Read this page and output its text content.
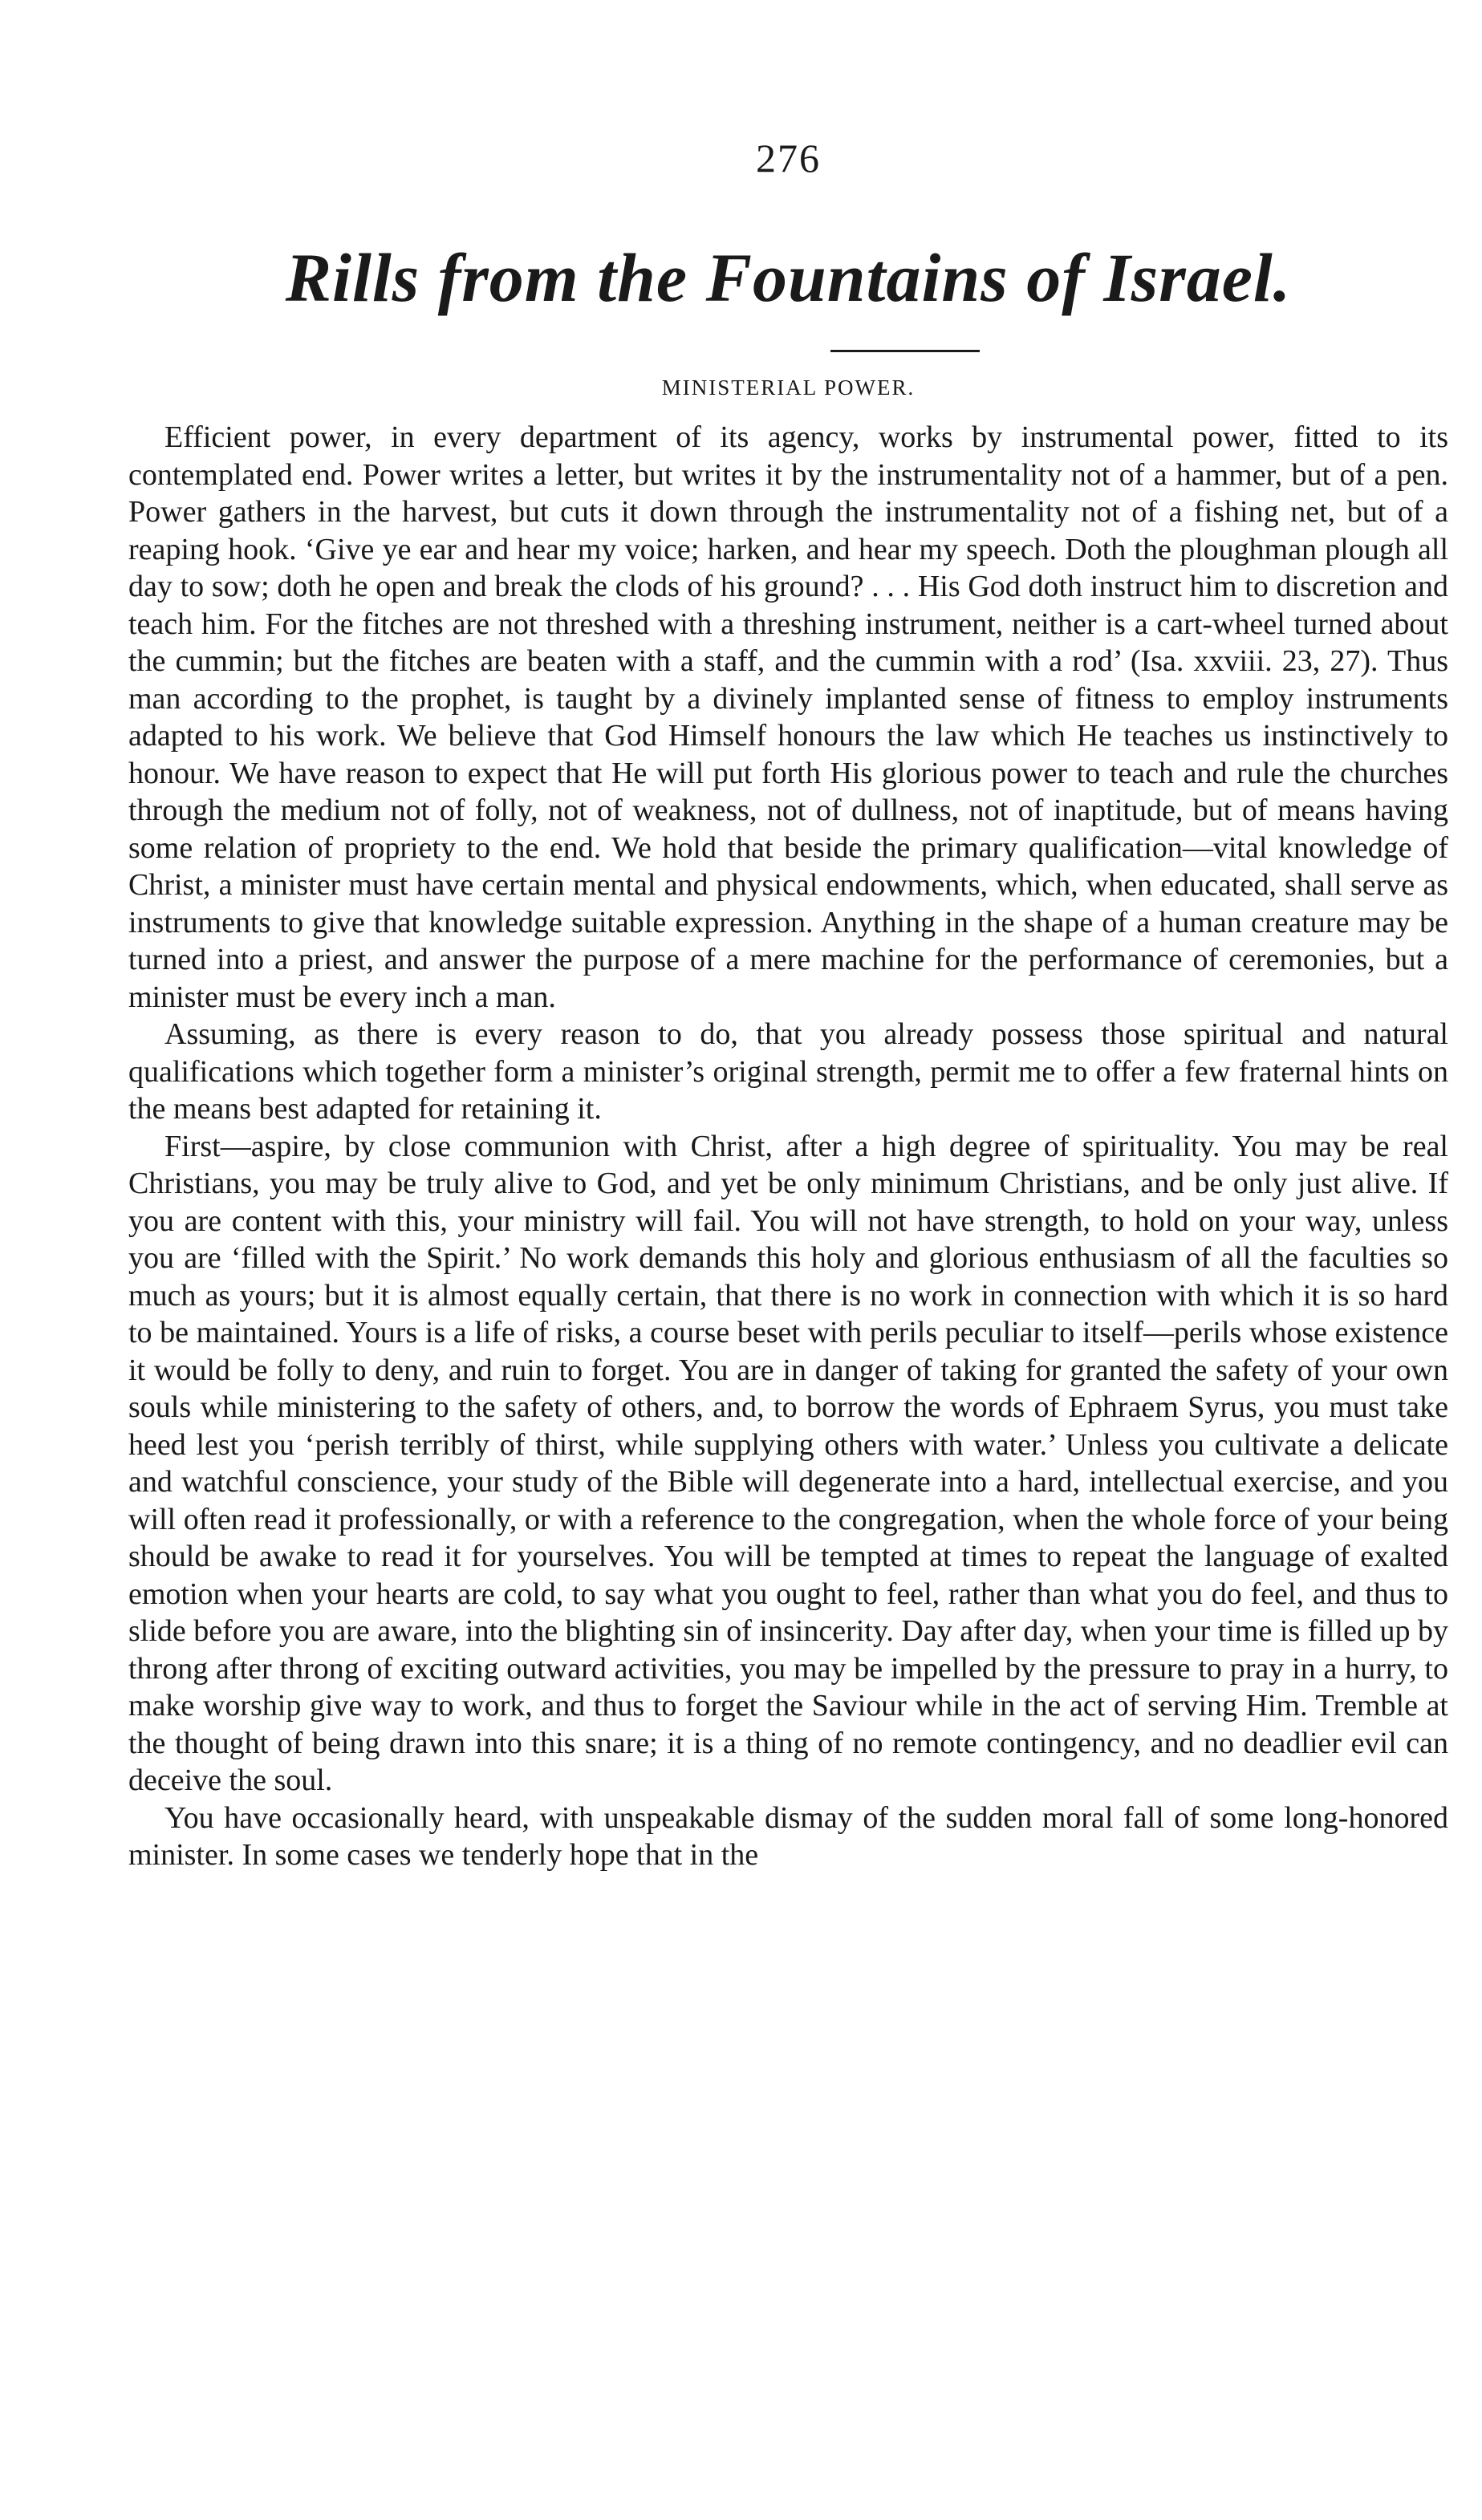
276
Rills from the Fountains of Israel.
MINISTERIAL POWER.

Efficient power, in every department of its agency, works by instrumental power, fitted to its contemplated end. Power writes a letter, but writes it by the instrumentality not of a hammer, but of a pen. Power gathers in the harvest, but cuts it down through the instrumentality not of a fishing net, but of a reaping hook. ‘Give ye ear and hear my voice; harken, and hear my speech. Doth the ploughman plough all day to sow; doth he open and break the clods of his ground? . . . His God doth instruct him to discretion and teach him. For the fitches are not threshed with a threshing instrument, neither is a cart-wheel turned about the cummin; but the fitches are beaten with a staff, and the cummin with a rod’ (Isa. xxviii. 23, 27). Thus man according to the prophet, is taught by a divinely implanted sense of fitness to employ instruments adapted to his work. We believe that God Himself honours the law which He teaches us instinctively to honour. We have reason to expect that He will put forth His glorious power to teach and rule the churches through the medium not of folly, not of weakness, not of dullness, not of inaptitude, but of means having some relation of propriety to the end. We hold that beside the primary qualification—vital knowledge of Christ, a minister must have certain mental and physical endowments, which, when educated, shall serve as instruments to give that knowledge suitable expression. Anything in the shape of a human creature may be turned into a priest, and answer the purpose of a mere machine for the performance of ceremonies, but a minister must be every inch a man.

Assuming, as there is every reason to do, that you already possess those spiritual and natural qualifications which together form a minister’s original strength, permit me to offer a few fraternal hints on the means best adapted for retaining it.

First—aspire, by close communion with Christ, after a high degree of spirituality. You may be real Christians, you may be truly alive to God, and yet be only minimum Christians, and be only just alive. If you are content with this, your ministry will fail. You will not have strength, to hold on your way, unless you are ‘filled with the Spirit.’ No work demands this holy and glorious enthusiasm of all the faculties so much as yours; but it is almost equally certain, that there is no work in connection with which it is so hard to be maintained. Yours is a life of risks, a course beset with perils peculiar to itself—perils whose existence it would be folly to deny, and ruin to forget. You are in danger of taking for granted the safety of your own souls while ministering to the safety of others, and, to borrow the words of Ephraem Syrus, you must take heed lest you ‘perish terribly of thirst, while supplying others with water.’ Unless you cultivate a delicate and watchful conscience, your study of the Bible will degenerate into a hard, intellectual exercise, and you will often read it professionally, or with a reference to the congregation, when the whole force of your being should be awake to read it for yourselves. You will be tempted at times to repeat the language of exalted emotion when your hearts are cold, to say what you ought to feel, rather than what you do feel, and thus to slide before you are aware, into the blighting sin of insincerity. Day after day, when your time is filled up by throng after throng of exciting outward activities, you may be impelled by the pressure to pray in a hurry, to make worship give way to work, and thus to forget the Saviour while in the act of serving Him. Tremble at the thought of being drawn into this snare; it is a thing of no remote contingency, and no deadlier evil can deceive the soul.

You have occasionally heard, with unspeakable dismay of the sudden moral fall of some long-honored minister. In some cases we tenderly hope that in the
